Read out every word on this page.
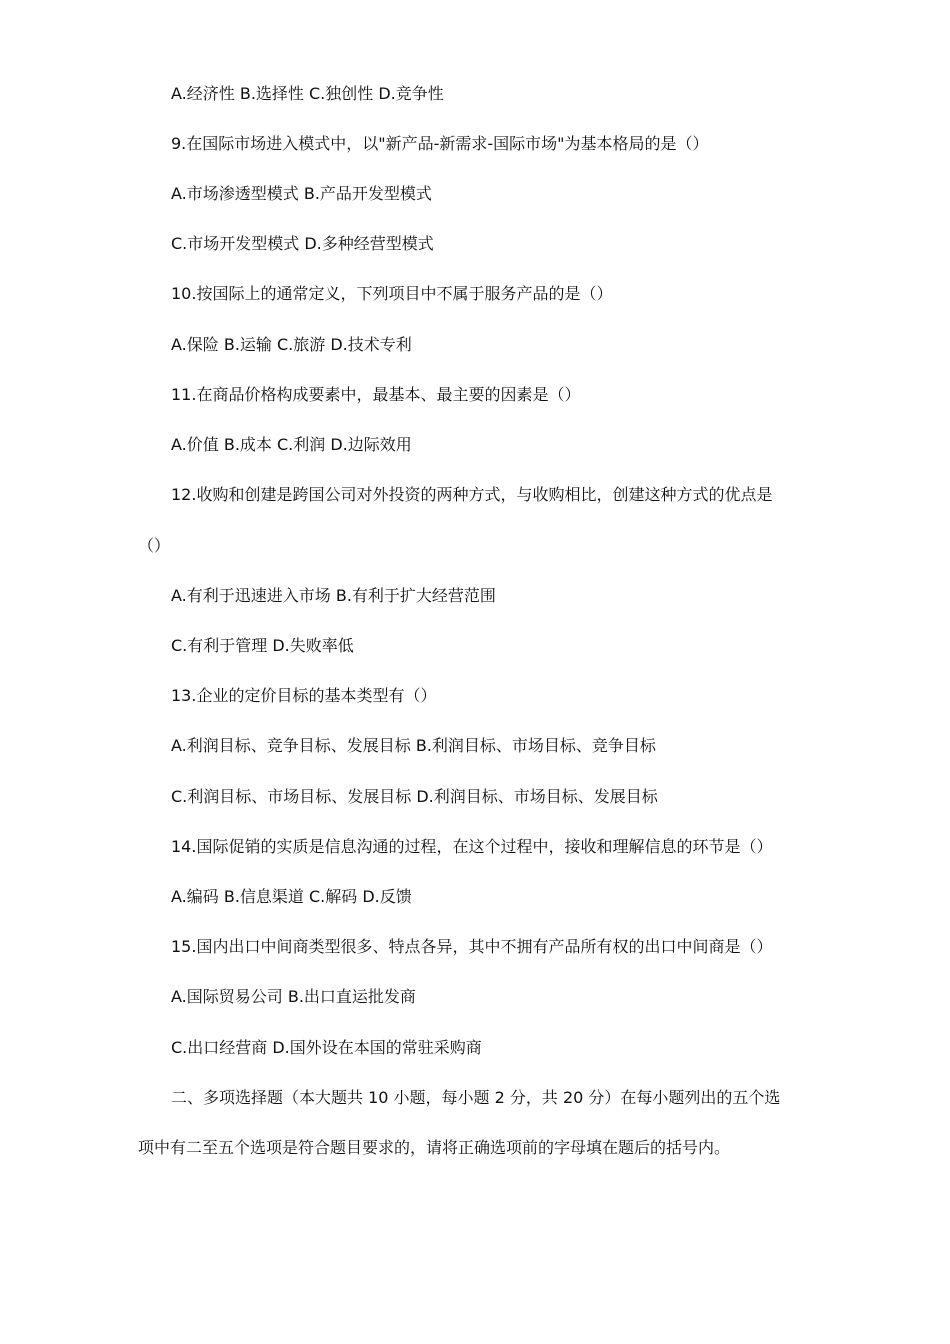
A.经济性 B.选择性 C.独创性 D.竞争性
9.在国际市场进入模式中，以"新产品-新需求-国际市场"为基本格局的是（）
A.市场渗透型模式 B.产品开发型模式
C.市场开发型模式 D.多种经营型模式
10.按国际上的通常定义，下列项目中不属于服务产品的是（）
A.保险 B.运输 C.旅游 D.技术专利
11.在商品价格构成要素中，最基本、最主要的因素是（）
A.价值 B.成本 C.利润 D.边际效用
12.收购和创建是跨国公司对外投资的两种方式，与收购相比，创建这种方式的优点是
（）
A.有利于迅速进入市场 B.有利于扩大经营范围
C.有利于管理 D.失败率低
13.企业的定价目标的基本类型有（）
A.利润目标、竞争目标、发展目标 B.利润目标、市场目标、竞争目标
C.利润目标、市场目标、发展目标 D.利润目标、市场目标、发展目标
14.国际促销的实质是信息沟通的过程，在这个过程中，接收和理解信息的环节是（）
A.编码 B.信息渠道 C.解码 D.反馈
15.国内出口中间商类型很多、特点各异，其中不拥有产品所有权的出口中间商是（）
A.国际贸易公司 B.出口直运批发商
C.出口经营商 D.国外设在本国的常驻采购商
二、多项选择题（本大题共 10 小题，每小题 2 分，共 20 分）在每小题列出的五个选
项中有二至五个选项是符合题目要求的，请将正确选项前的字母填在题后的括号内。
